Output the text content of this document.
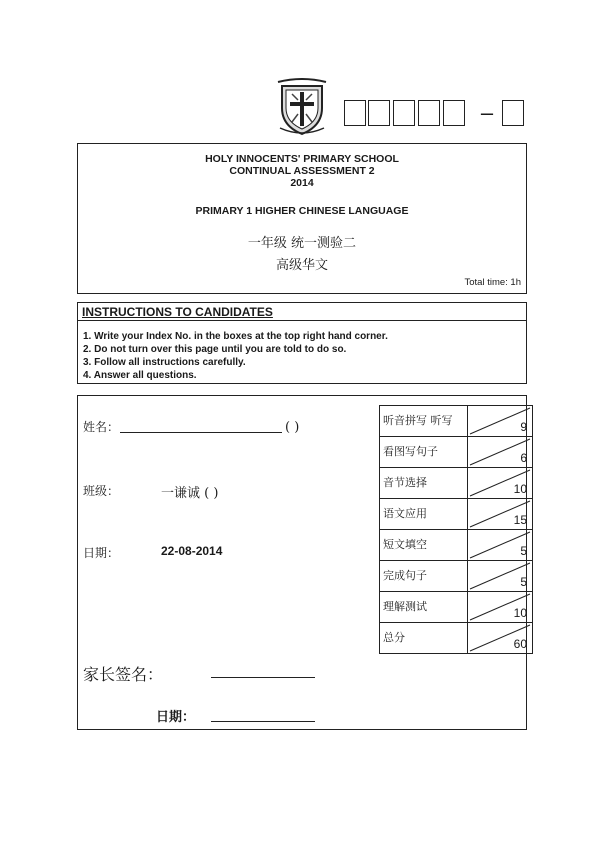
–
HOLY INNOCENTS' PRIMARY SCHOOL
CONTINUAL ASSESSMENT 2
2014
PRIMARY 1 HIGHER CHINESE LANGUAGE
一年级 统一测验二
高级华文
Total time: 1h
INSTRUCTIONS TO CANDIDATES
1. Write your Index No. in the boxes at the top right hand corner.
2. Do not turn over this page until you are told to do so.
3. Follow all instructions carefully.
4. Answer all questions.
姓名：	( )
班级：	一谦诚 ( )
日期：	22-08-2014
家长签名：
日期：
听音拼写 听写	9

看图写句子	6

音节选择	10

语文应用	15

短文填空	5

完成句子	5

理解测试	10

总分	60
